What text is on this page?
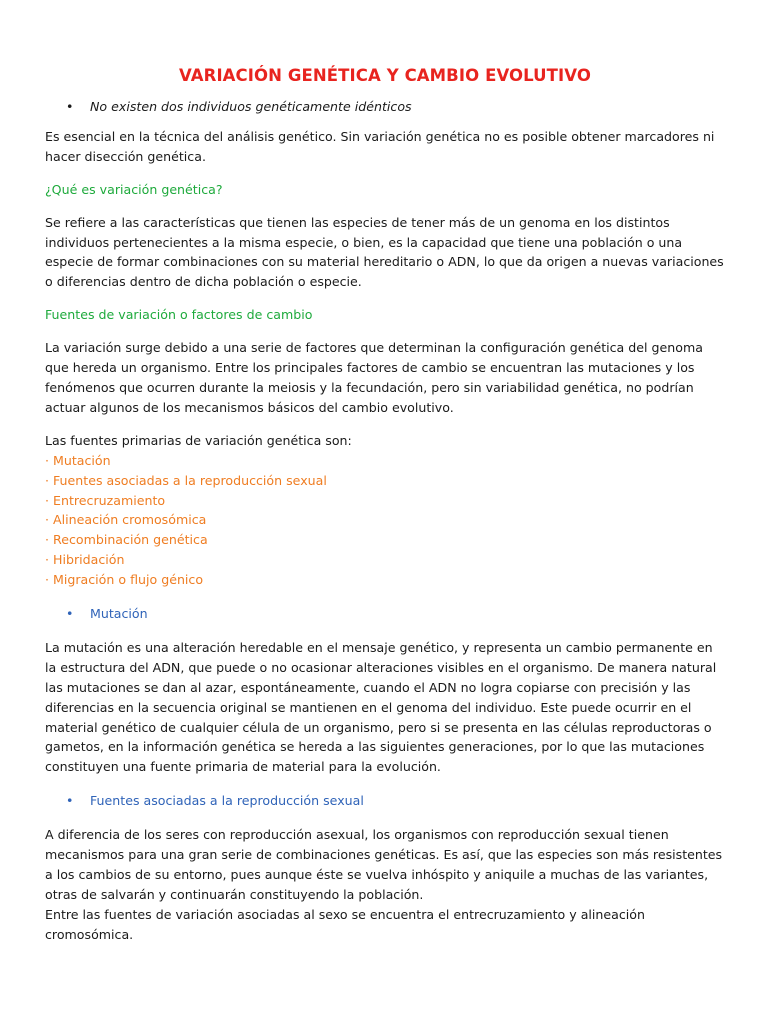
VARIACIÓN GENÉTICA Y CAMBIO EVOLUTIVO

• No existen dos individuos genéticamente idénticos

Es esencial en la técnica del análisis genético. Sin variación genética no es posible obtener marcadores ni hacer disección genética.

¿Qué es variación genética?

Se refiere a las características que tienen las especies de tener más de un genoma en los distintos individuos pertenecientes a la misma especie, o bien, es la capacidad que tiene una población o una especie de formar combinaciones con su material hereditario o ADN, lo que da origen a nuevas variaciones o diferencias dentro de dicha población o especie.

Fuentes de variación o factores de cambio

La variación surge debido a una serie de factores que determinan la configuración genética del genoma que hereda un organismo. Entre los principales factores de cambio se encuentran las mutaciones y los fenómenos que ocurren durante la meiosis y la fecundación, pero sin variabilidad genética, no podrían actuar algunos de los mecanismos básicos del cambio evolutivo.

Las fuentes primarias de variación genética son:

· Mutación
· Fuentes asociadas a la reproducción sexual
· Entrecruzamiento
· Alineación cromosómica
· Recombinación genética
· Hibridación
· Migración o flujo génico

• Mutación

La mutación es una alteración heredable en el mensaje genético, y representa un cambio permanente en la estructura del ADN, que puede o no ocasionar alteraciones visibles en el organismo. De manera natural las mutaciones se dan al azar, espontáneamente, cuando el ADN no logra copiarse con precisión y las diferencias en la secuencia original se mantienen en el genoma del individuo. Este puede ocurrir en el material genético de cualquier célula de un organismo, pero si se presenta en las células reproductoras o gametos, en la información genética se hereda a las siguientes generaciones, por lo que las mutaciones constituyen una fuente primaria de material para la evolución.

• Fuentes asociadas a la reproducción sexual

A diferencia de los seres con reproducción asexual, los organismos con reproducción sexual tienen mecanismos para una gran serie de combinaciones genéticas. Es así, que las especies son más resistentes a los cambios de su entorno, pues aunque éste se vuelva inhóspito y aniquile a muchas de las variantes, otras de salvarán y continuarán constituyendo la población.

Entre las fuentes de variación asociadas al sexo se encuentra el entrecruzamiento y alineación cromosómica.
